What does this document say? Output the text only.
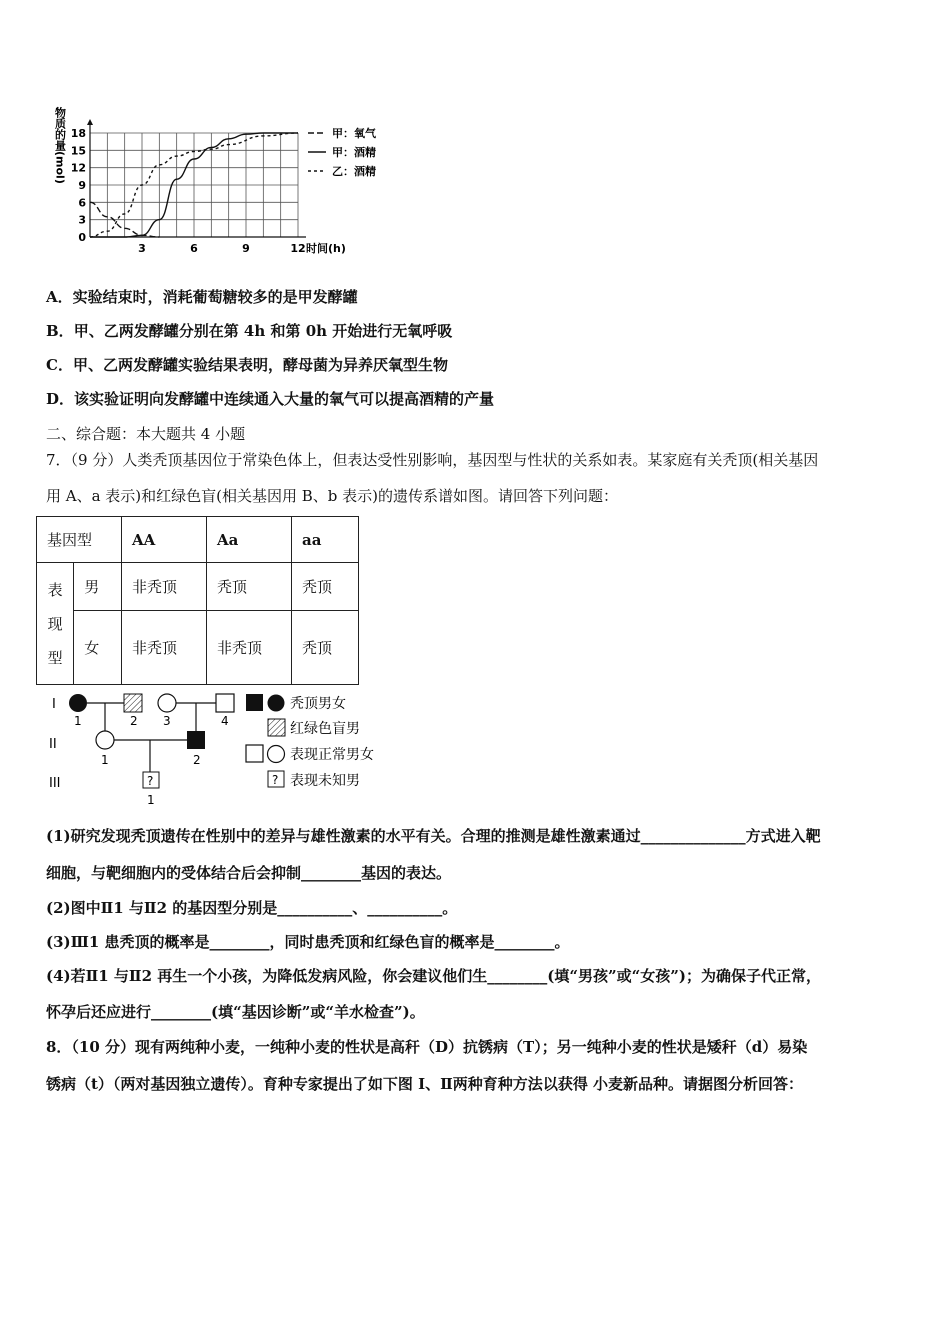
18
15
12
9
6
3
0
3	6	9	12 时间(h)
甲：氧气
甲：酒精
乙：酒精
物质的量(mol)
A．实验结束时，消耗葡萄糖较多的是甲发酵罐
B．甲、乙两发酵罐分别在第 4h 和第 0h 开始进行无氧呼吸
C．甲、乙两发酵罐实验结果表明，酵母菌为异养厌氧型生物
D．该实验证明向发酵罐中连续通入大量的氧气可以提高酒精的产量
二、综合题：本大题共 4 小题
7．（9 分）人类秃顶基因位于常染色体上，但表达受性别影响，基因型与性状的关系如表。某家庭有关秃顶(相关基因
用 A、a 表示)和红绿色盲(相关基因用 B、b 表示)的遗传系谱如图。请回答下列问题：
基因型		AA	Aa	aa

表
现
型	男	非秃顶	秃顶	秃顶
	女	非秃顶	非秃顶	秃顶
I
II
III
1	2 3	4
1	2
?
1
秃顶男女
红绿色盲男
表现正常男女
? 表现未知男
(1)研究发现秃顶遗传在性别中的差异与雄性激素的水平有关。合理的推测是雄性激素通过______________方式进入靶
细胞，与靶细胞内的受体结合后会抑制________基因的表达。
(2)图中Ⅱ1 与Ⅱ2 的基因型分别是__________、__________。
(3)Ⅲ1 患秃顶的概率是________，同时患秃顶和红绿色盲的概率是________。
(4)若Ⅱ1 与Ⅱ2 再生一个小孩，为降低发病风险，你会建议他们生________(填“男孩”或“女孩”)；为确保子代正常，
怀孕后还应进行________(填“基因诊断”或“羊水检查”)。
8．（10 分）现有两纯种小麦，一纯种小麦的性状是高秆（D）抗锈病（T）；另一纯种小麦的性状是矮秆（d）易染
锈病（t）（两对基因独立遗传）。育种专家提出了如下图 I、Ⅱ两种育种方法以获得 小麦新品种。请据图分析回答：
